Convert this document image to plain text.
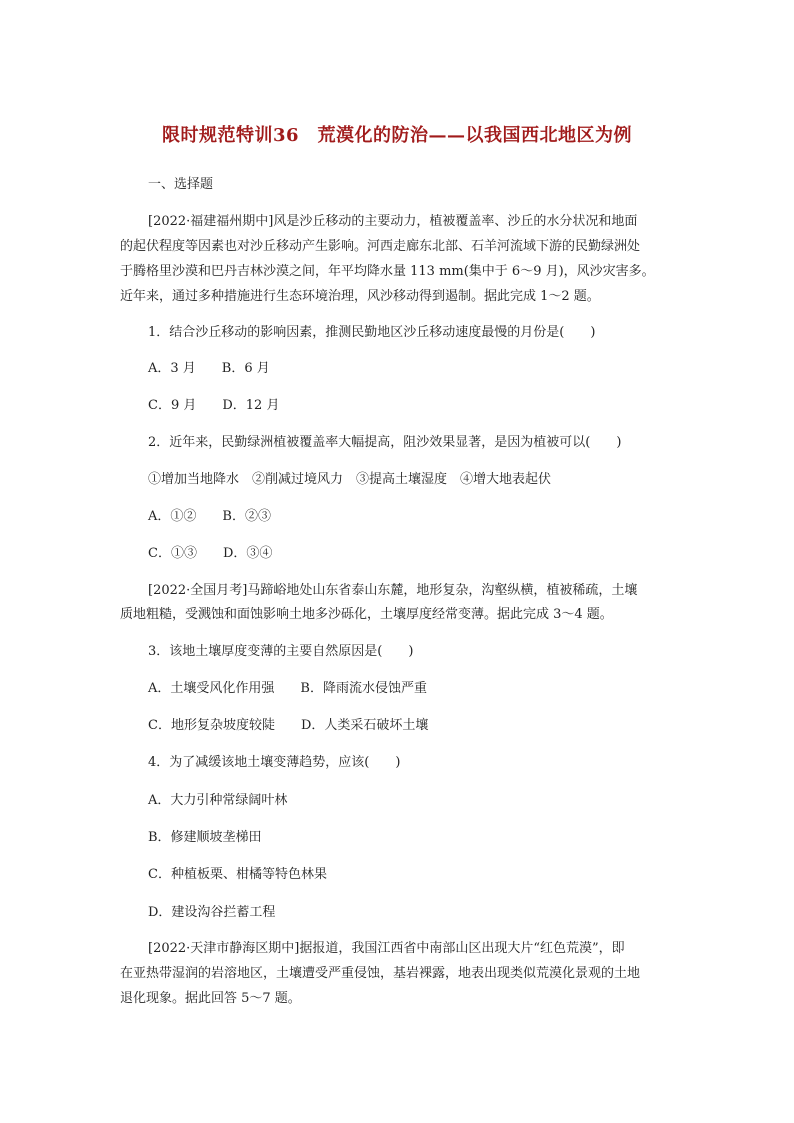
限时规范特训36　荒漠化的防治——以我国西北地区为例
一、选择题
[2022·福建福州期中]风是沙丘移动的主要动力，植被覆盖率、沙丘的水分状况和地面
的起伏程度等因素也对沙丘移动产生影响。河西走廊东北部、石羊河流域下游的民勤绿洲处
于腾格里沙漠和巴丹吉林沙漠之间，年平均降水量 113 mm(集中于 6～9 月)，风沙灾害多。
近年来，通过多种措施进行生态环境治理，风沙移动得到遏制。据此完成 1～2 题。
1．结合沙丘移动的影响因素，推测民勤地区沙丘移动速度最慢的月份是(　　)
A．3 月　　B．6 月
C．9 月　　D．12 月
2．近年来，民勤绿洲植被覆盖率大幅提高，阻沙效果显著，是因为植被可以(　　)
①增加当地降水　②削减过境风力　③提高土壤湿度　④增大地表起伏
A．①②　　B．②③
C．①③　　D．③④
[2022·全国月考]马蹄峪地处山东省泰山东麓，地形复杂，沟壑纵横，植被稀疏，土壤
质地粗糙，受溅蚀和面蚀影响土地多沙砾化，土壤厚度经常变薄。据此完成 3～4 题。
3．该地土壤厚度变薄的主要自然原因是(　　)
A．土壤受风化作用强　　B．降雨流水侵蚀严重
C．地形复杂坡度较陡　　D．人类采石破坏土壤
4．为了减缓该地土壤变薄趋势，应该(　　)
A．大力引种常绿阔叶林
B．修建顺坡垄梯田
C．种植板栗、柑橘等特色林果
D．建设沟谷拦蓄工程
[2022·天津市静海区期中]据报道，我国江西省中南部山区出现大片“红色荒漠”，即
在亚热带湿润的岩溶地区，土壤遭受严重侵蚀，基岩裸露，地表出现类似荒漠化景观的土地
退化现象。据此回答 5～7 题。
